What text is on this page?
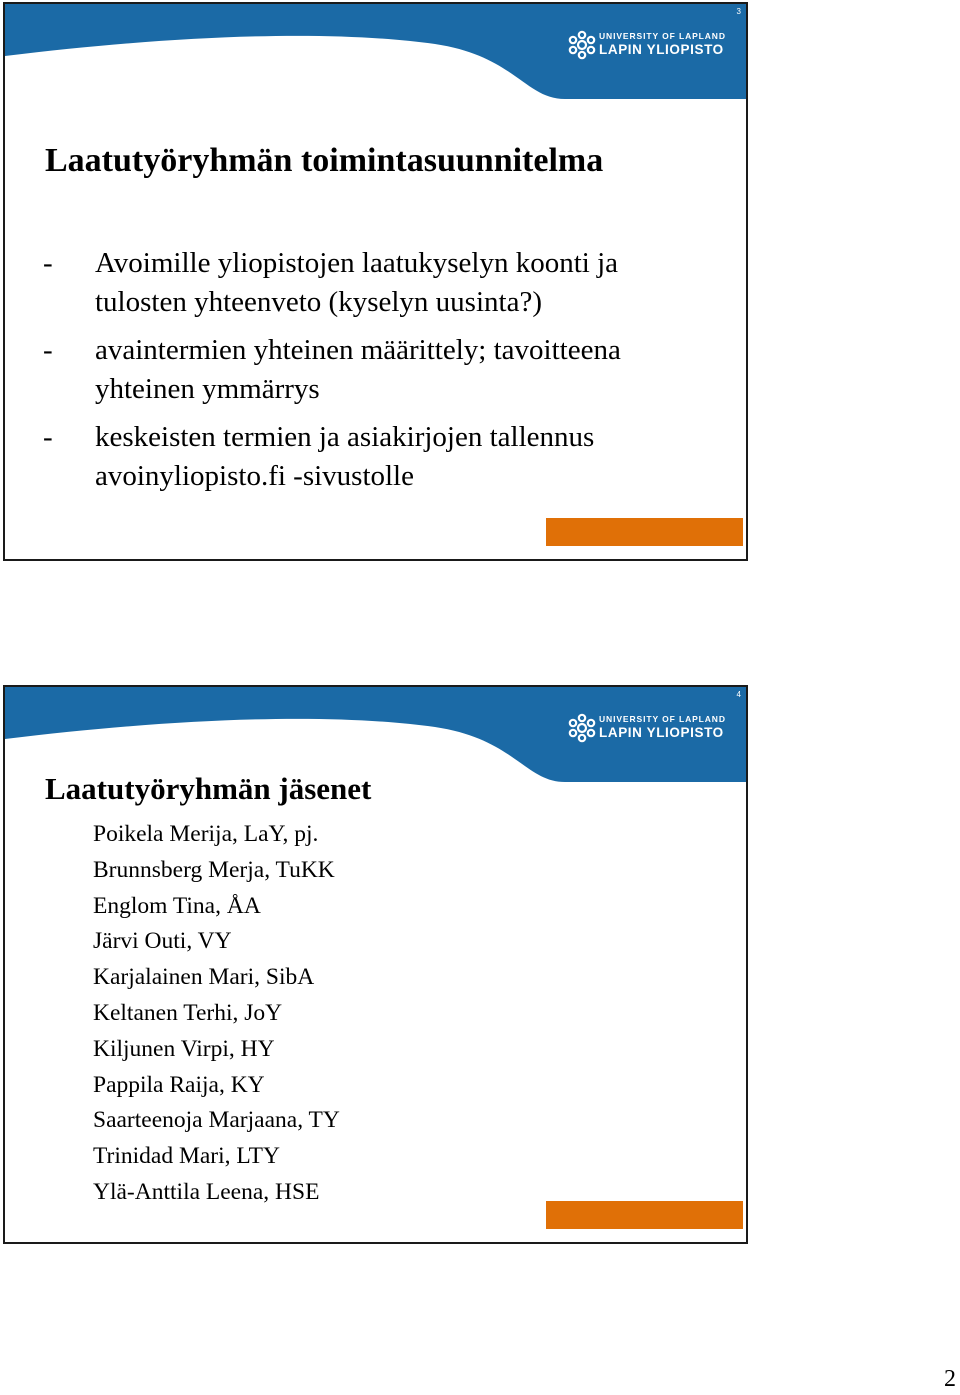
3
UNIVERSITY OF LAPLAND
LAPIN YLIOPISTO
Laatutyöryhmän toimintasuunnitelma
- Avoimille yliopistojen laatukyselyn koonti ja tulosten yhteenveto (kyselyn uusinta?)
- avaintermien yhteinen määrittely; tavoitteena yhteinen ymmärrys
- keskeisten termien ja asiakirjojen tallennus avoinyliopisto.fi -sivustolle
4
UNIVERSITY OF LAPLAND
LAPIN YLIOPISTO
Laatutyöryhmän jäsenet
Poikela Merija, LaY, pj.
Brunnsberg Merja, TuKK
Englom Tina, ÅA
Järvi Outi, VY
Karjalainen Mari, SibA
Keltanen Terhi, JoY
Kiljunen Virpi, HY
Pappila Raija, KY
Saarteenoja Marjaana, TY
Trinidad Mari, LTY
Ylä-Anttila Leena, HSE
2
